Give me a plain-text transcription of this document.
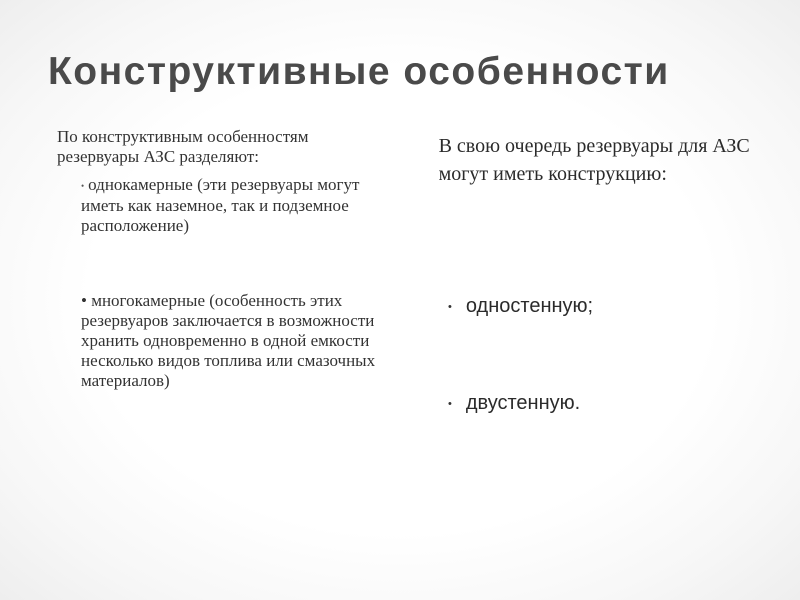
Конструктивные особенности

По конструктивным особенностям резервуары АЗС разделяют:

• однокамерные (эти резервуары могут иметь как наземное, так и подземное расположение)

• многокамерные (особенность этих резервуаров заключается в возможности хранить одновременно в одной емкости несколько видов топлива или смазочных материалов)

В свою очередь резервуары для АЗС могут иметь конструкцию:
• одностенную;
• двустенную.
